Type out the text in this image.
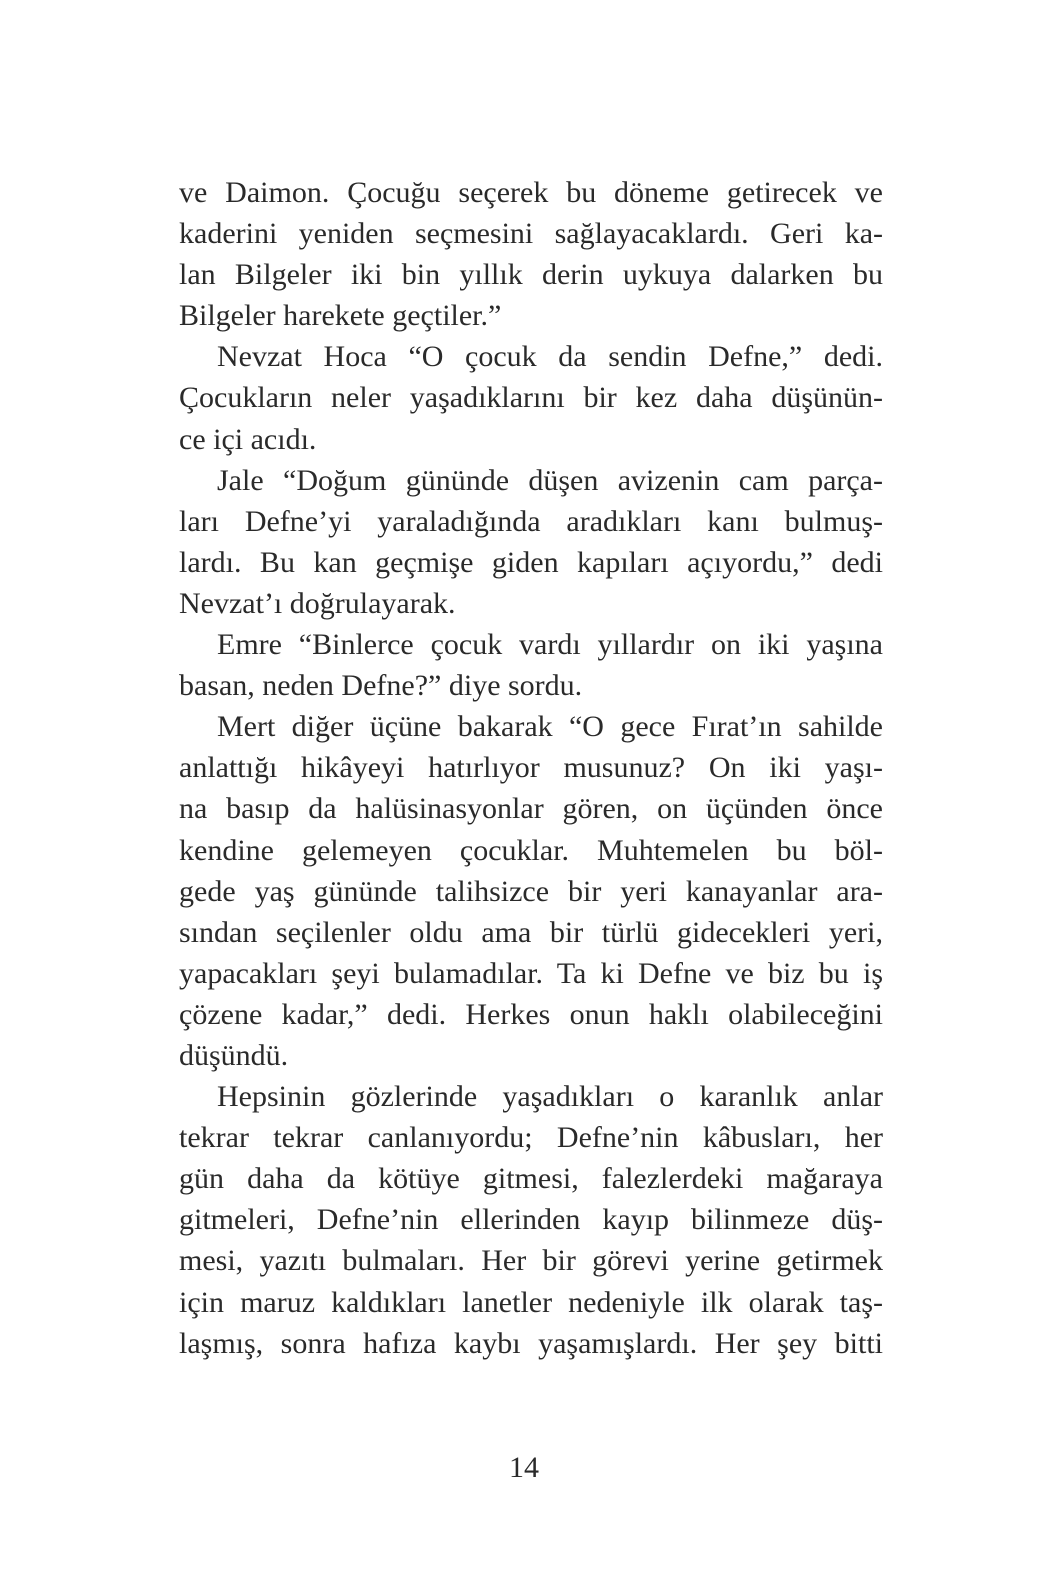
ve Daimon. Çocuğu seçerek bu döneme getirecek ve
kaderini yeniden seçmesini sağlayacaklardı. Geri ka-
lan Bilgeler iki bin yıllık derin uykuya dalarken bu
Bilgeler harekete geçtiler.”
Nevzat Hoca “O çocuk da sendin Defne,” dedi.
Çocukların neler yaşadıklarını bir kez daha düşünün-
ce içi acıdı.
Jale “Doğum gününde düşen avizenin cam parça-
ları Defne’yi yaraladığında aradıkları kanı bulmuş-
lardı. Bu kan geçmişe giden kapıları açıyordu,” dedi
Nevzat’ı doğrulayarak.
Emre “Binlerce çocuk vardı yıllardır on iki yaşına
basan, neden Defne?” diye sordu.
Mert diğer üçüne bakarak “O gece Fırat’ın sahilde
anlattığı hikâyeyi hatırlıyor musunuz? On iki yaşı-
na basıp da halüsinasyonlar gören, on üçünden önce
kendine gelemeyen çocuklar. Muhtemelen bu böl-
gede yaş gününde talihsizce bir yeri kanayanlar ara-
sından seçilenler oldu ama bir türlü gidecekleri yeri,
yapacakları şeyi bulamadılar. Ta ki Defne ve biz bu iş
çözene kadar,” dedi. Herkes onun haklı olabileceğini
düşündü.
Hepsinin gözlerinde yaşadıkları o karanlık anlar
tekrar tekrar canlanıyordu; Defne’nin kâbusları, her
gün daha da kötüye gitmesi, falezlerdeki mağaraya
gitmeleri, Defne’nin ellerinden kayıp bilinmeze düş-
mesi, yazıtı bulmaları. Her bir görevi yerine getirmek
için maruz kaldıkları lanetler nedeniyle ilk olarak taş-
laşmış, sonra hafıza kaybı yaşamışlardı. Her şey bitti
14
